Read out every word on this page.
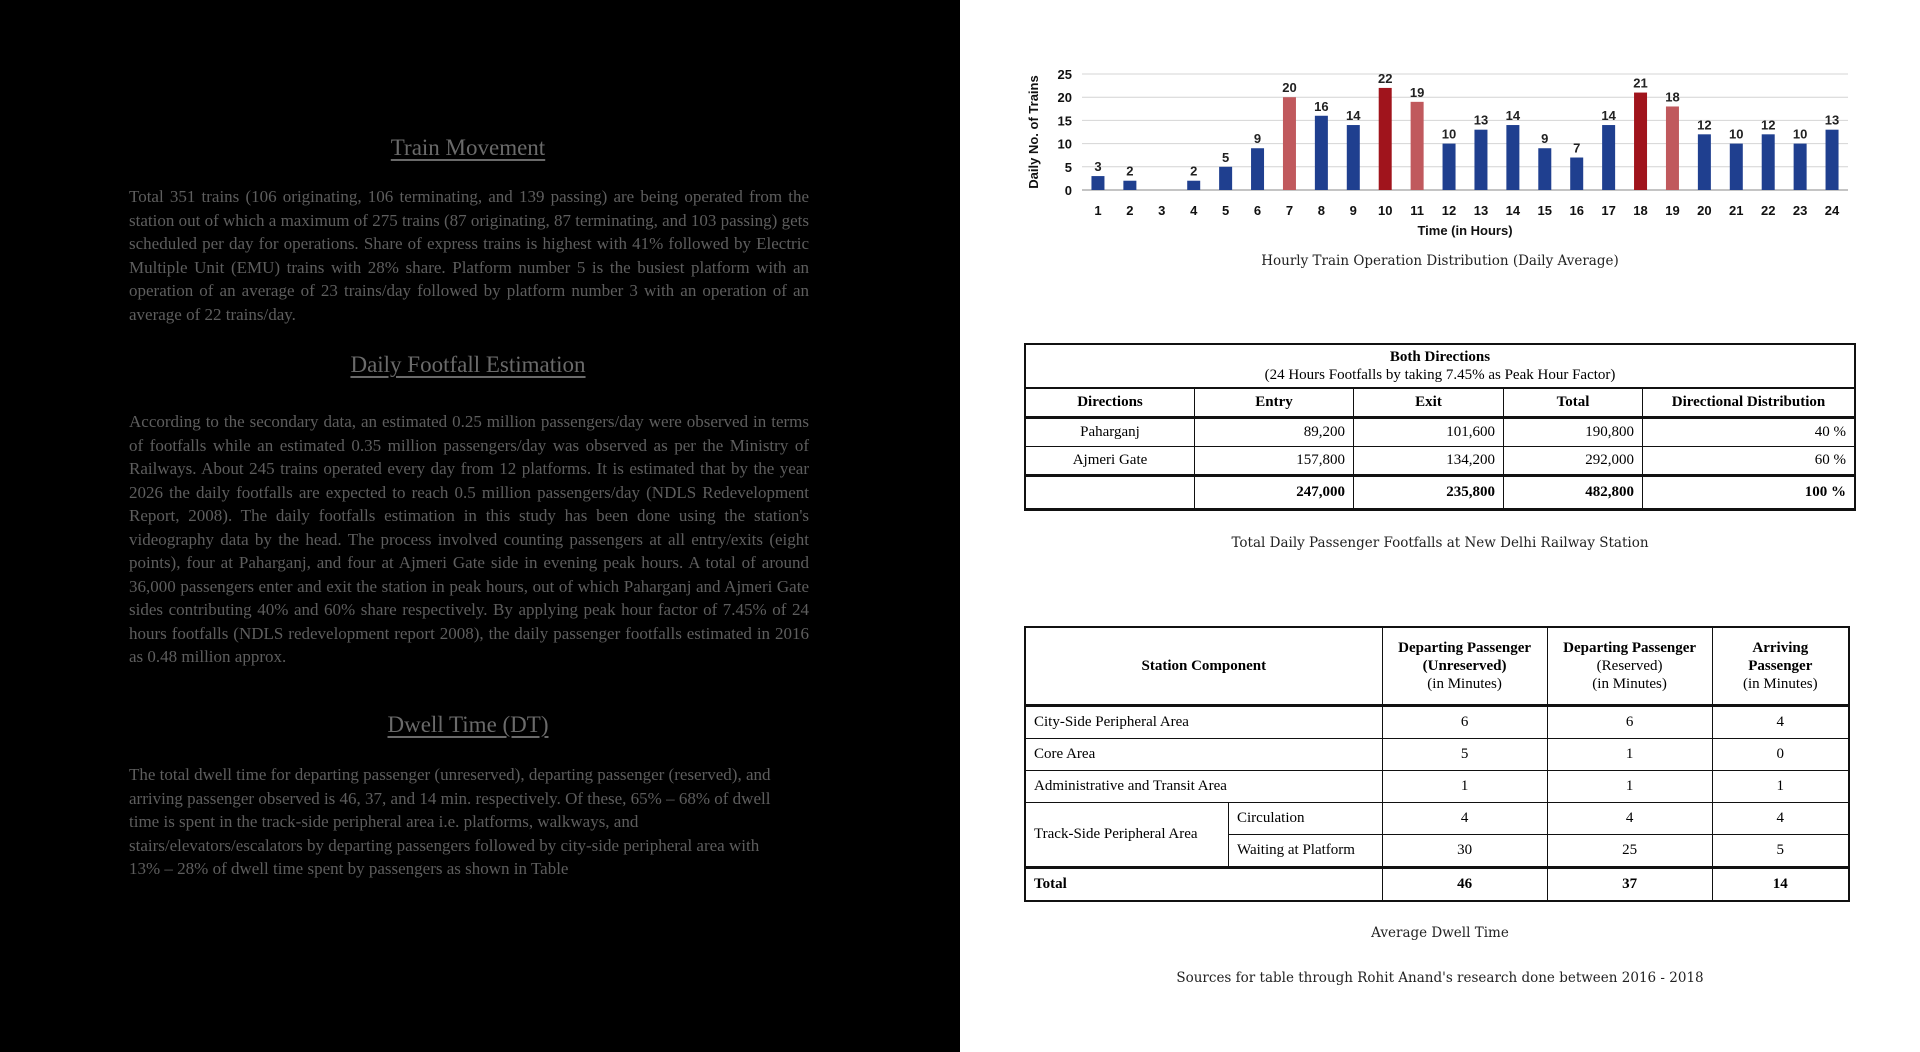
Train Movement
Total 351 trains (106 originating, 106 terminating, and 139 passing) are being operated from the station out of which a maximum of 275 trains (87 originating, 87 terminating, and 103 passing) gets scheduled per day for operations. Share of express trains is highest with 41% followed by Electric Multiple Unit (EMU) trains with 28% share. Platform number 5 is the busiest platform with an operation of an average of 23 trains/day followed by platform number 3 with an operation of an average of 22 trains/day.
Daily Footfall Estimation
According to the secondary data, an estimated 0.25 million passengers/day were observed in terms of footfalls while an estimated 0.35 million passengers/day was observed as per the Ministry of Railways. About 245 trains operated every day from 12 platforms. It is estimated that by the year 2026 the daily footfalls are expected to reach 0.5 million passengers/day (NDLS Redevelopment Report, 2008). The daily footfalls estimation in this study has been done using the station's videography data by the head. The process involved counting passengers at all entry/exits (eight points), four at Paharganj, and four at Ajmeri Gate side in evening peak hours. A total of around 36,000 passengers enter and exit the station in peak hours, out of which Paharganj and Ajmeri Gate sides contributing 40% and 60% share respectively. By applying peak hour factor of 7.45% of 24 hours footfalls (NDLS redevelopment report 2008), the daily passenger footfalls estimated in 2016 as 0.48 million approx.
Dwell Time (DT)
The total dwell time for departing passenger (unreserved), departing passenger (reserved), and arriving passenger observed is 46, 37, and 14 min. respectively. Of these, 65% – 68% of dwell time is spent in the track-side peripheral area i.e. platforms, walkways, and stairs/elevators/escalators by departing passengers followed by city-side peripheral area with 13% – 28% of dwell time spent by passengers as shown in Table
0
5
10
15
20
25
Daily No. of Trains	3
1
2
2 3
2
4
5
5
9
6
20
7
16
8
14
9
22
10
19
11
10
12
13
13
14
14
9
15
7
16
14
17
21
18
18
19
12
20
10
21
12
22
10
23
13
24
Time (in Hours)
Hourly Train Operation Distribution (Daily Average)
Both Directions
(24 Hours Footfalls by taking 7.45% as Peak Hour Factor)				
Directions	Entry	Exit	Total	Directional Distribution
Paharganj	89,200	101,600	190,800	40 %
Ajmeri Gate	157,800	134,200	292,000	60 %
	247,000	235,800	482,800	100 %
Total Daily Passenger Footfalls at New Delhi Railway Station
Station Component		Departing Passenger
(Unreserved)
(in Minutes)	Departing Passenger
(Reserved)
(in Minutes)	Arriving Passenger
(in Minutes)
City-Side Peripheral Area		6	6	4
Core Area		5	1	0
Administrative and Transit Area		1	1	1
Track-Side Peripheral Area	Circulation	4	4	4
	Waiting at Platform	30	25	5
Total		46	37	14
Average Dwell Time
Sources for table through Rohit Anand's research done between 2016 - 2018
